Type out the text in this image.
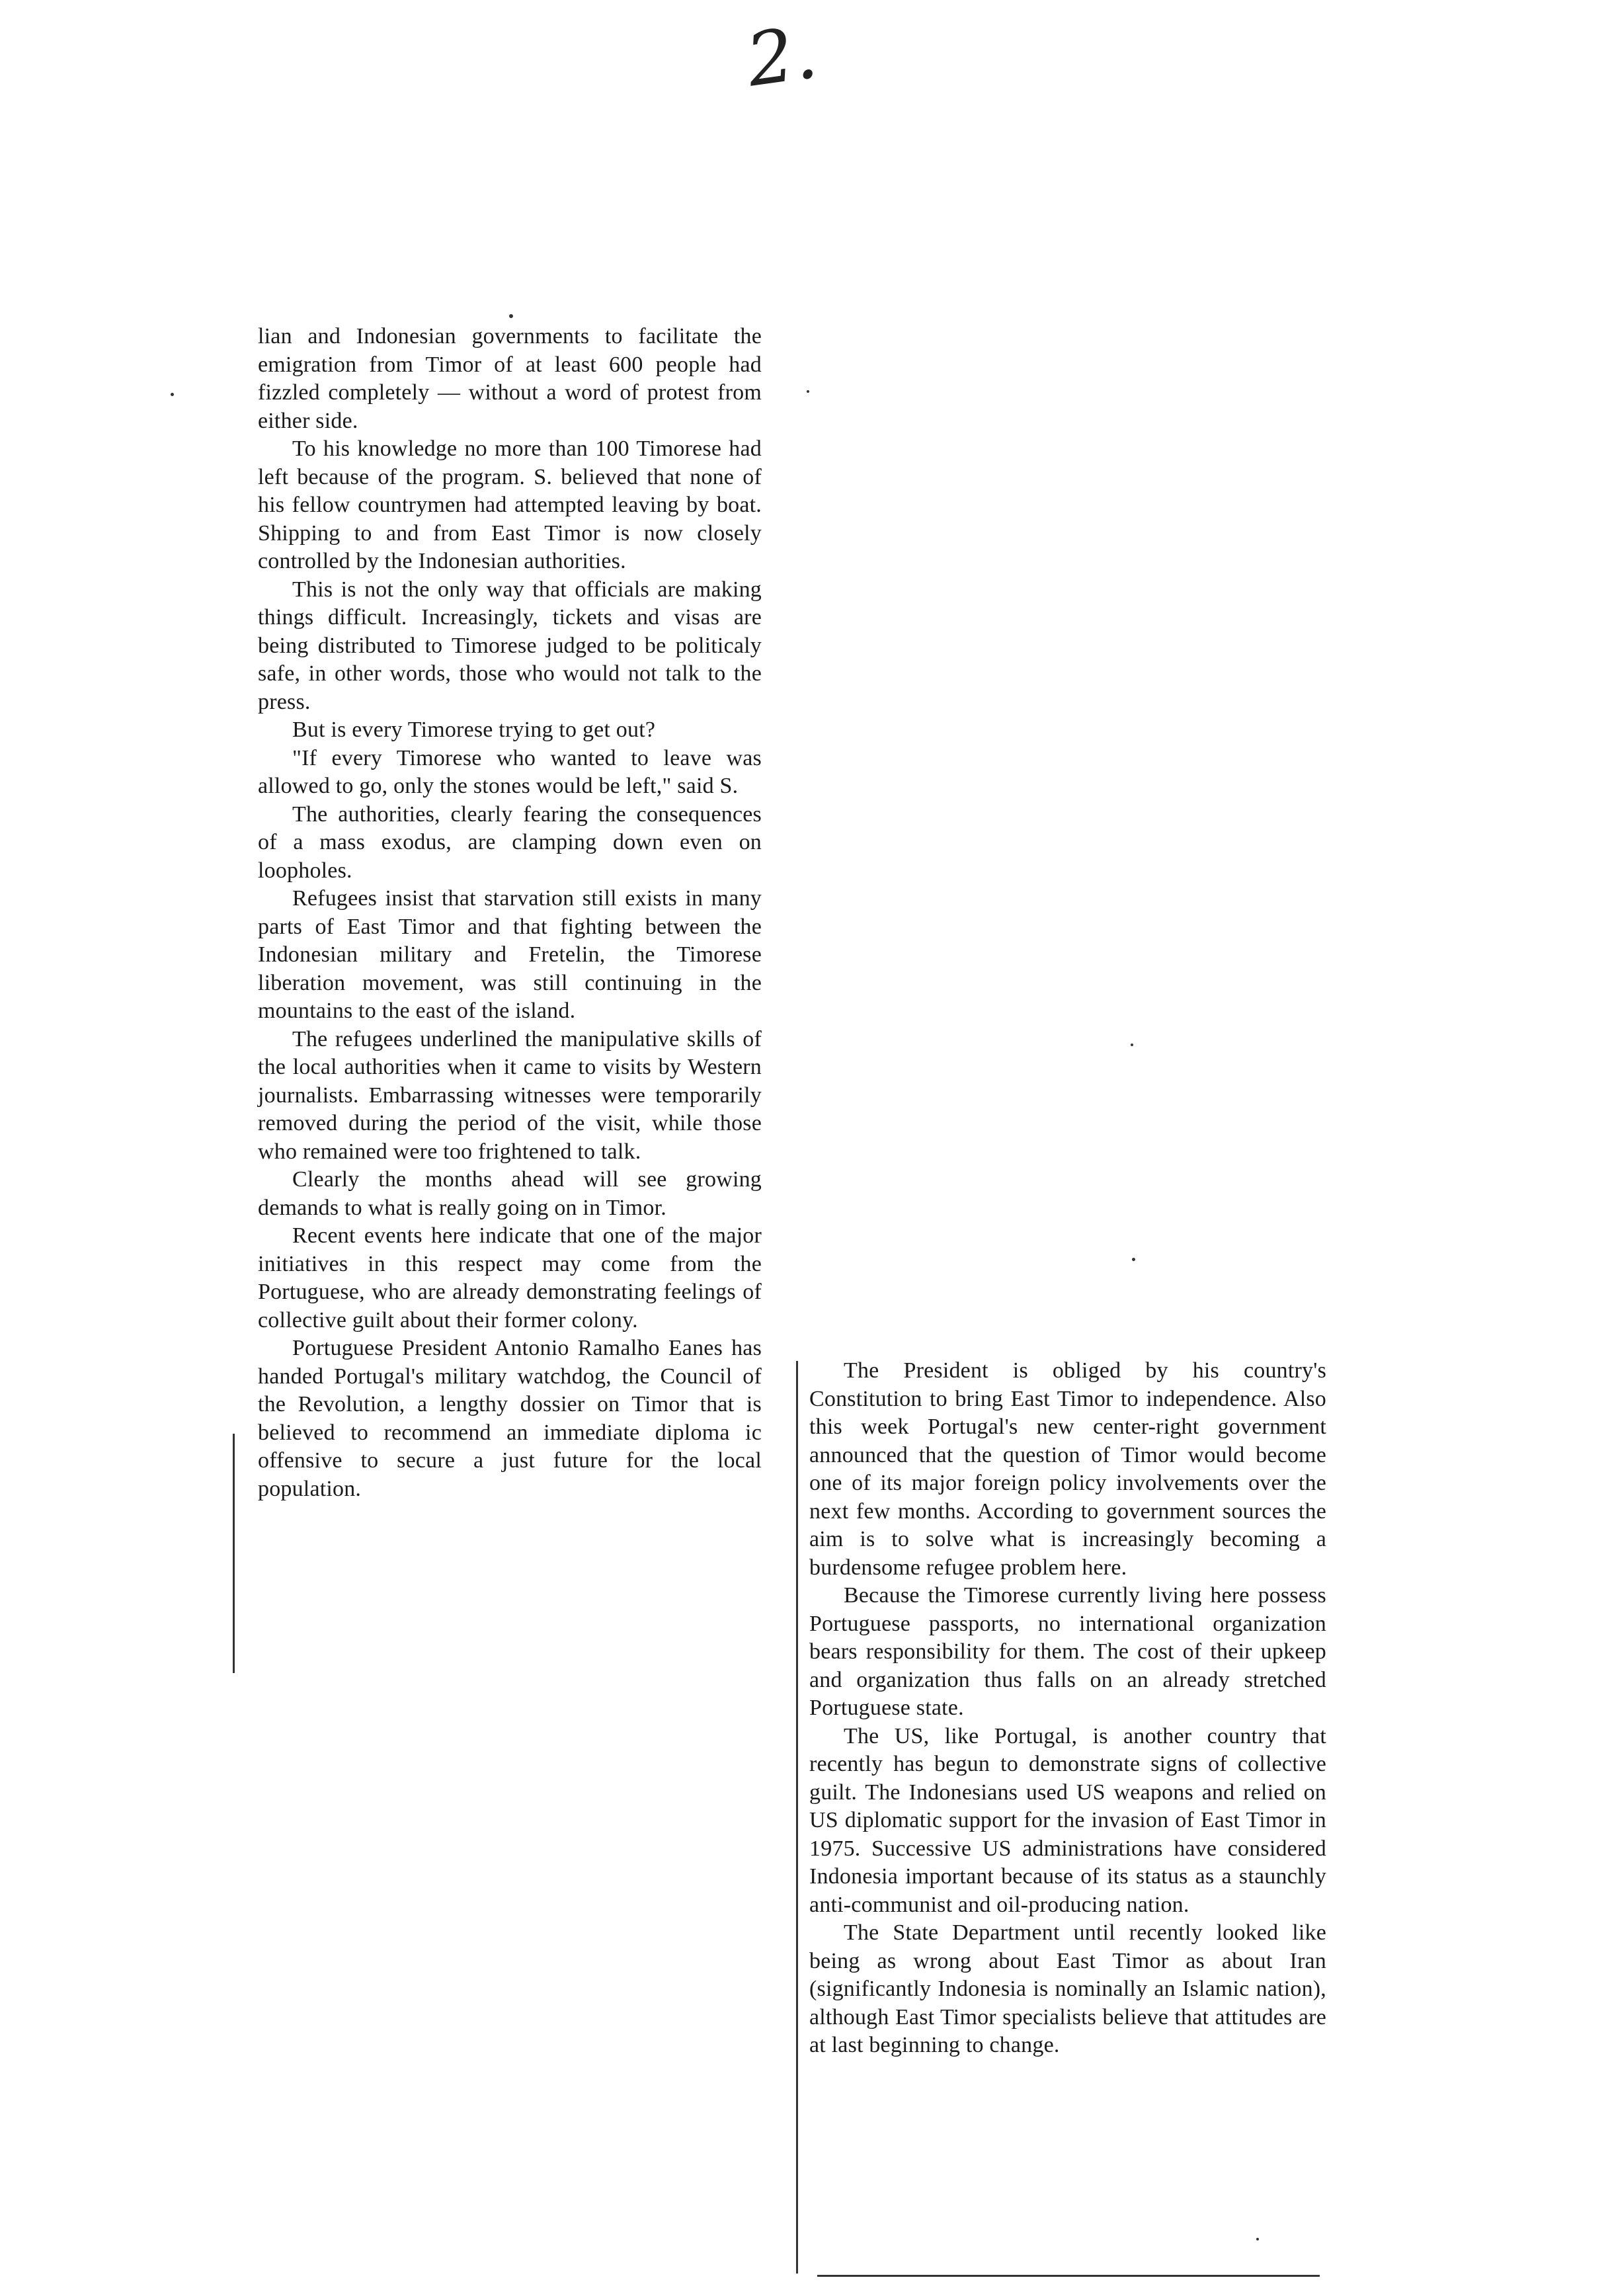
2.

lian and Indonesian governments to facilitate the emigration from Timor of at least 600 people had fizzled completely — without a word of protest from either side.

To his knowledge no more than 100 Timorese had left because of the program. S. believed that none of his fellow countrymen had attempted leaving by boat. Shipping to and from East Timor is now closely controlled by the Indonesian authorities.

This is not the only way that officials are making things difficult. Increasingly, tickets and visas are being distributed to Timorese judged to be politicaly safe, in other words, those who would not talk to the press.

But is every Timorese trying to get out?

"If every Timorese who wanted to leave was allowed to go, only the stones would be left," said S.

The authorities, clearly fearing the consequences of a mass exodus, are clamping down even on loopholes.

Refugees insist that starvation still exists in many parts of East Timor and that fighting between the Indonesian military and Fretelin, the Timorese liberation movement, was still continuing in the mountains to the east of the island.

The refugees underlined the manipulative skills of the local authorities when it came to visits by Western journalists. Embarrassing witnesses were temporarily removed during the period of the visit, while those who remained were too frightened to talk.

Clearly the months ahead will see growing demands to what is really going on in Timor.

Recent events here indicate that one of the major initiatives in this respect may come from the Portuguese, who are already demonstrating feelings of collective guilt about their former colony.

Portuguese President Antonio Ramalho Eanes has handed Portugal's military watchdog, the Council of the Revolution, a lengthy dossier on Timor that is believed to recommend an immediate diploma ic offensive to secure a just future for the local population.

The President is obliged by his country's Constitution to bring East Timor to independence. Also this week Portugal's new center-right government announced that the question of Timor would become one of its major foreign policy involvements over the next few months. According to government sources the aim is to solve what is increasingly becoming a burdensome refugee problem here.

Because the Timorese currently living here possess Portuguese passports, no international organization bears responsibility for them. The cost of their upkeep and organization thus falls on an already stretched Portuguese state.

The US, like Portugal, is another country that recently has begun to demonstrate signs of collective guilt. The Indonesians used US weapons and relied on US diplomatic support for the invasion of East Timor in 1975. Successive US administrations have considered Indonesia important because of its status as a staunchly anti-communist and oil-producing nation.

The State Department until recently looked like being as wrong about East Timor as about Iran (significantly Indonesia is nominally an Islamic nation), although East Timor specialists believe that attitudes are at last beginning to change.
